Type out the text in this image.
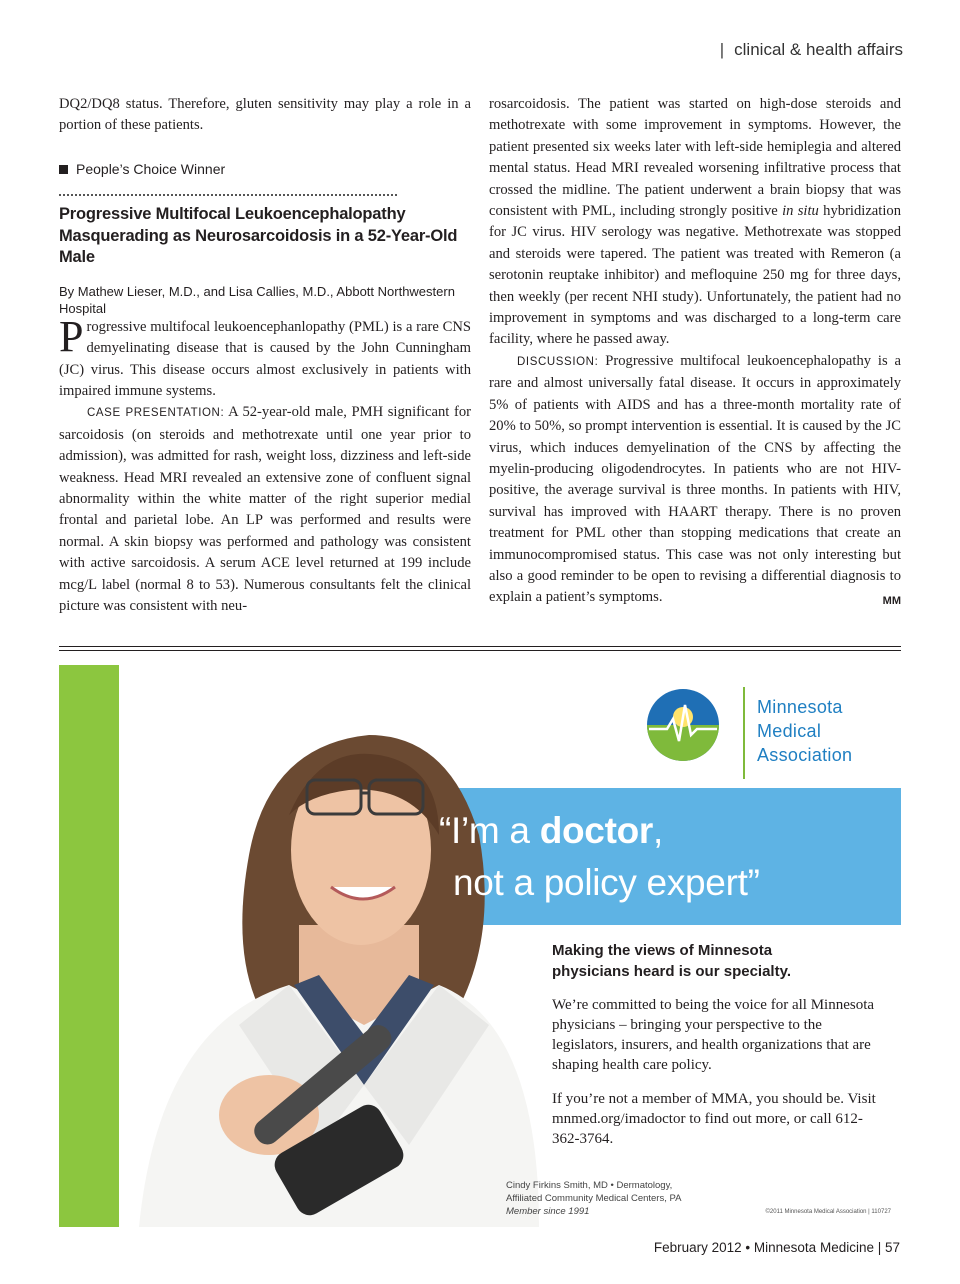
| clinical & health affairs

DQ2/DQ8 status. Therefore, gluten sensitivity may play a role in a portion of these patients.

People’s Choice Winner
Progressive Multifocal Leukoencephalopathy Masquerading as Neurosarcoidosis in a 52-Year-Old Male
By Mathew Lieser, M.D., and Lisa Callies, M.D., Abbott Northwestern Hospital

Progressive multifocal leukoencephanlopathy (PML) is a rare CNS demyelinating disease that is caused by the John Cunningham (JC) virus. This disease occurs almost exclusively in patients with impaired immune systems.

CASE PRESENTATION: A 52-year-old male, PMH significant for sarcoidosis (on steroids and methotrexate until one year prior to admission), was admitted for rash, weight loss, dizziness and left-side weakness. Head MRI revealed an extensive zone of confluent signal abnormality within the white matter of the right superior medial frontal and parietal lobe. An LP was performed and results were normal. A skin biopsy was performed and pathology was consistent with active sarcoidosis. A serum ACE level returned at 199 include mcg/L label (normal 8 to 53). Numerous consultants felt the clinical picture was consistent with neu-

rosarcoidosis. The patient was started on high-dose steroids and methotrexate with some improvement in symptoms. However, the patient presented six weeks later with left-side hemiplegia and altered mental status. Head MRI revealed worsening infiltrative process that crossed the midline. The patient underwent a brain biopsy that was consistent with PML, including strongly positive in situ hybridization for JC virus. HIV serology was negative. Methotrexate was stopped and steroids were tapered. The patient was treated with Remeron (a serotonin reuptake inhibitor) and mefloquine 250 mg for three days, then weekly (per recent NHI study). Unfortunately, the patient had no improvement in symptoms and was discharged to a long-term care facility, where he passed away.

DISCUSSION: Progressive multifocal leukoencephalopathy is a rare and almost universally fatal disease. It occurs in approximately 5% of patients with AIDS and has a three-month mortality rate of 20% to 50%, so prompt intervention is essential. It is caused by the JC virus, which induces demyelination of the CNS by affecting the myelin-producing oligodendrocytes. In patients who are not HIV-positive, the average survival is three months. In patients with HIV, survival has improved with HAART therapy. There is no proven treatment for PML other than stopping medications that create an immunocompromised status. This case was not only interesting but also a good reminder to be open to revising a differential diagnosis to explain a patient’s symptoms.	MM

Minnesota
Medical
Association
“I’m a doctor,
not a policy expert”
Making the views of Minnesota
physicians heard is our specialty.

We’re committed to being the voice for all Minnesota physicians – bringing your perspective to the legislators, insurers, and health organizations that are shaping health care policy.

If you’re not a member of MMA, you should be. Visit mnmed.org/imadoctor to find out more, or call 612-362-3764.

Cindy Firkins Smith, MD • Dermatology,
Affiliated Community Medical Centers, PA
Member since 1991	©2011 Minnesota Medical Association | 110727
February 2012 • Minnesota Medicine | 57
